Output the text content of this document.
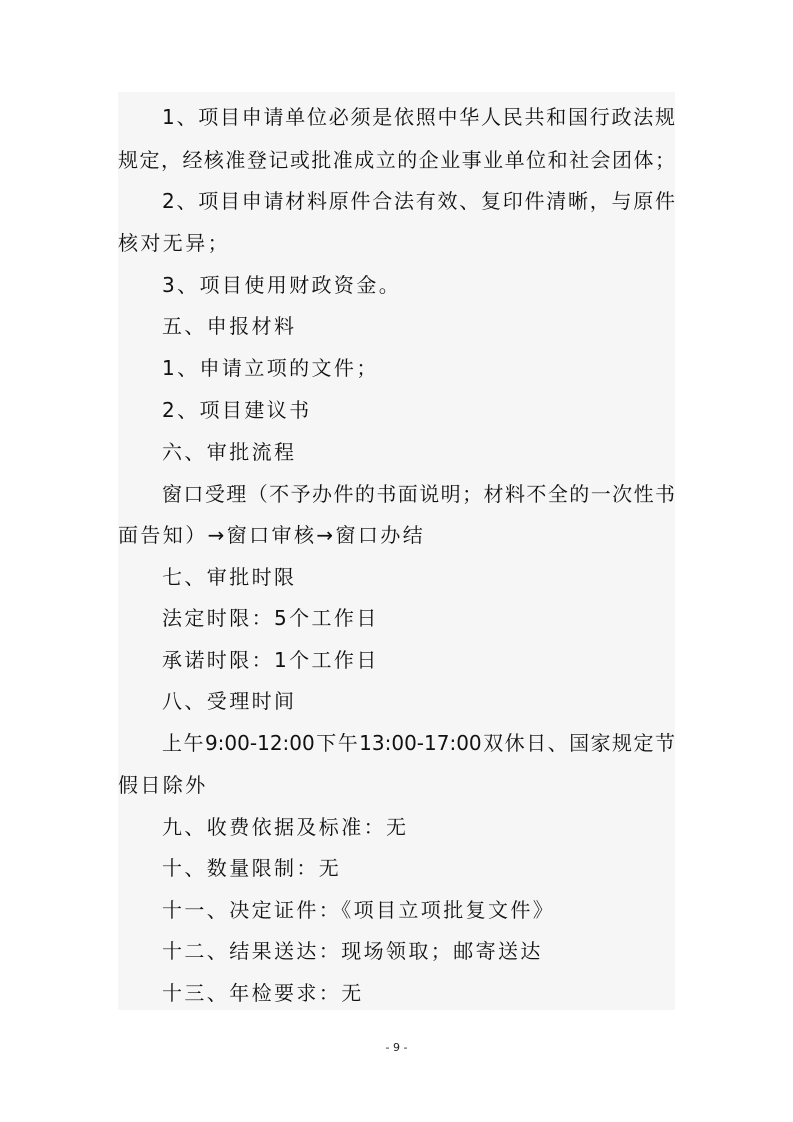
1、项目申请单位必须是依照中华人民共和国行政法规
规定，经核准登记或批准成立的企业事业单位和社会团体；
2、项目申请材料原件合法有效、复印件清晰，与原件
核对无异；
3、项目使用财政资金。
五、申报材料
1、申请立项的文件；
2、项目建议书
六、审批流程
窗口受理（不予办件的书面说明；材料不全的一次性书
面告知）→窗口审核→窗口办结
七、审批时限
法定时限：5个工作日
承诺时限：1个工作日
八、受理时间
上午9:00-12:00下午13:00-17:00双休日、国家规定节
假日除外
九、收费依据及标准：无
十、数量限制：无
十一、决定证件：《项目立项批复文件》
十二、结果送达：现场领取；邮寄送达
十三、年检要求：无
- 9 -
